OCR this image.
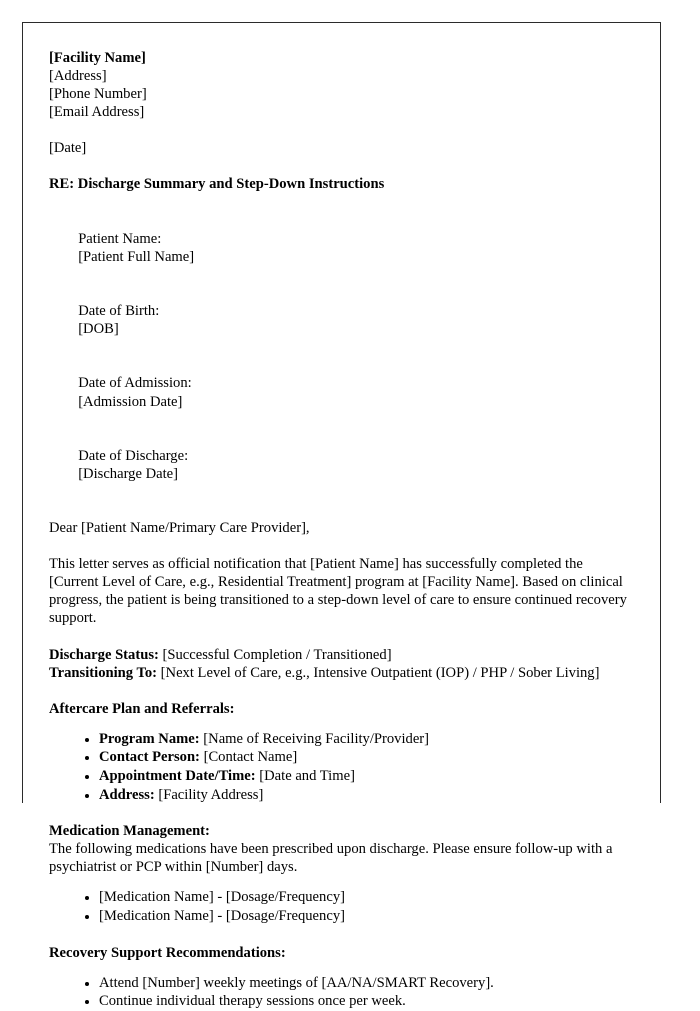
[Facility Name]
[Address]
[Phone Number]
[Email Address]
[Date]
RE: Discharge Summary and Step-Down Instructions

Patient Name:
[Patient Full Name]

Date of Birth:
[DOB]

Date of Admission:
[Admission Date]

Date of Discharge:
[Discharge Date]

Dear [Patient Name/Primary Care Provider],

This letter serves as official notification that [Patient Name] has successfully completed the [Current Level of Care, e.g., Residential Treatment] program at [Facility Name]. Based on clinical progress, the patient is being transitioned to a step-down level of care to ensure continued recovery support.

Discharge Status: [Successful Completion / Transitioned]
Transitioning To: [Next Level of Care, e.g., Intensive Outpatient (IOP) / PHP / Sober Living]
Aftercare Plan and Referrals:
Program Name: [Name of Receiving Facility/Provider]
Contact Person: [Contact Name]
Appointment Date/Time: [Date and Time]
Address: [Facility Address]
Medication Management:

The following medications have been prescribed upon discharge. Please ensure follow-up with a psychiatrist or PCP within [Number] days.

[Medication Name] - [Dosage/Frequency]
[Medication Name] - [Dosage/Frequency]
Recovery Support Recommendations:
Attend [Number] weekly meetings of [AA/NA/SMART Recovery].
Continue individual therapy sessions once per week.
